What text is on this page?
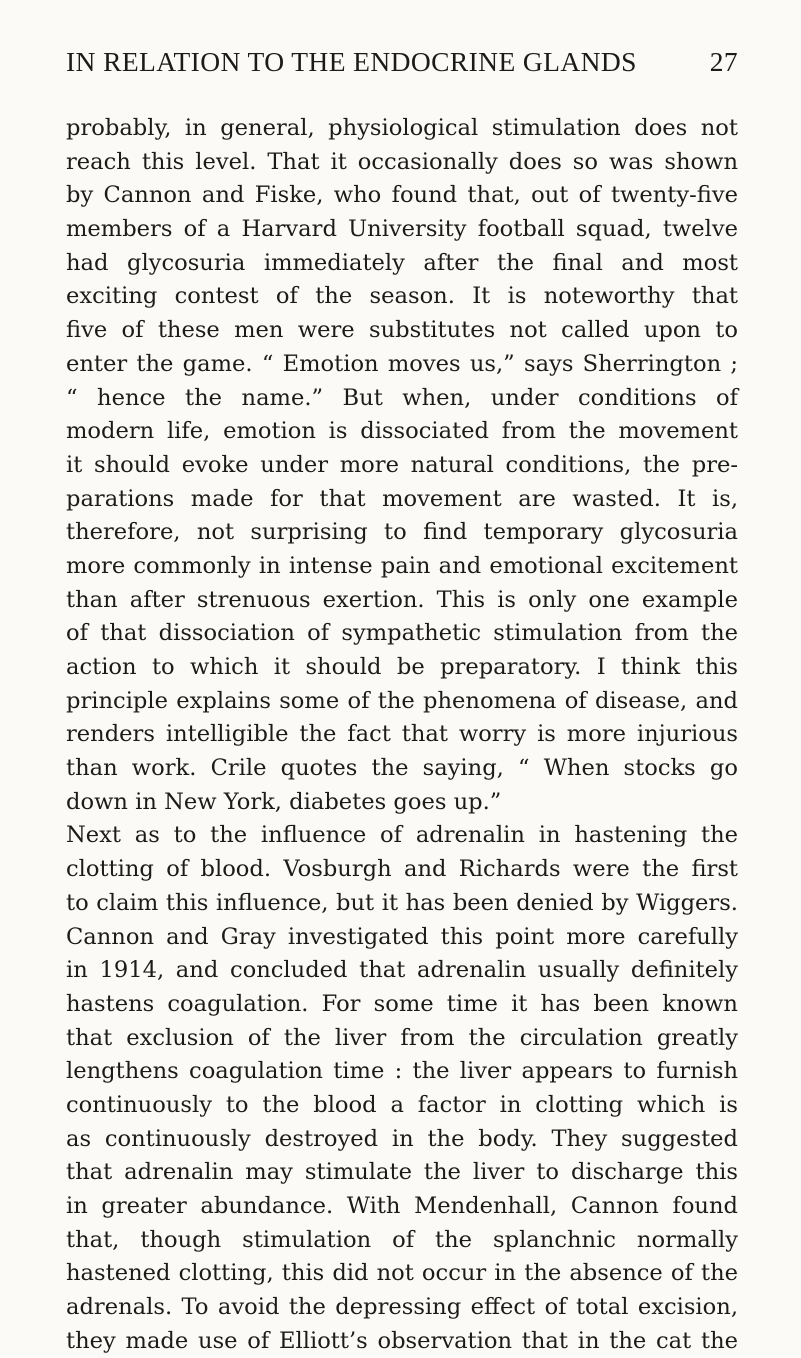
IN RELATION TO THE ENDOCRINE GLANDS	27
probably, in general, physiological stimulation does not
reach this level. That it occasionally does so was shown
by Cannon and Fiske, who found that, out of twenty-five
members of a Harvard University football squad, twelve
had glycosuria immediately after the final and most
exciting contest of the season. It is noteworthy that
five of these men were substitutes not called upon to
enter the game. “ Emotion moves us,” says Sherrington ;
“ hence the name.” But when, under conditions of
modern life, emotion is dissociated from the movement
it should evoke under more natural conditions, the pre-
parations made for that movement are wasted. It is,
therefore, not surprising to find temporary glycosuria
more commonly in intense pain and emotional excitement
than after strenuous exertion. This is only one example
of that dissociation of sympathetic stimulation from the
action to which it should be preparatory. I think this
principle explains some of the phenomena of disease, and
renders intelligible the fact that worry is more injurious
than work. Crile quotes the saying, “ When stocks go
down in New York, diabetes goes up.”
Next as to the influence of adrenalin in hastening the
clotting of blood. Vosburgh and Richards were the first
to claim this influence, but it has been denied by Wiggers.
Cannon and Gray investigated this point more carefully
in 1914, and concluded that adrenalin usually definitely
hastens coagulation. For some time it has been known
that exclusion of the liver from the circulation greatly
lengthens coagulation time : the liver appears to furnish
continuously to the blood a factor in clotting which is
as continuously destroyed in the body. They suggested
that adrenalin may stimulate the liver to discharge this
in greater abundance. With Mendenhall, Cannon found
that, though stimulation of the splanchnic normally
hastened clotting, this did not occur in the absence of the
adrenals. To avoid the depressing effect of total excision,
they made use of Elliott’s observation that in the cat the
